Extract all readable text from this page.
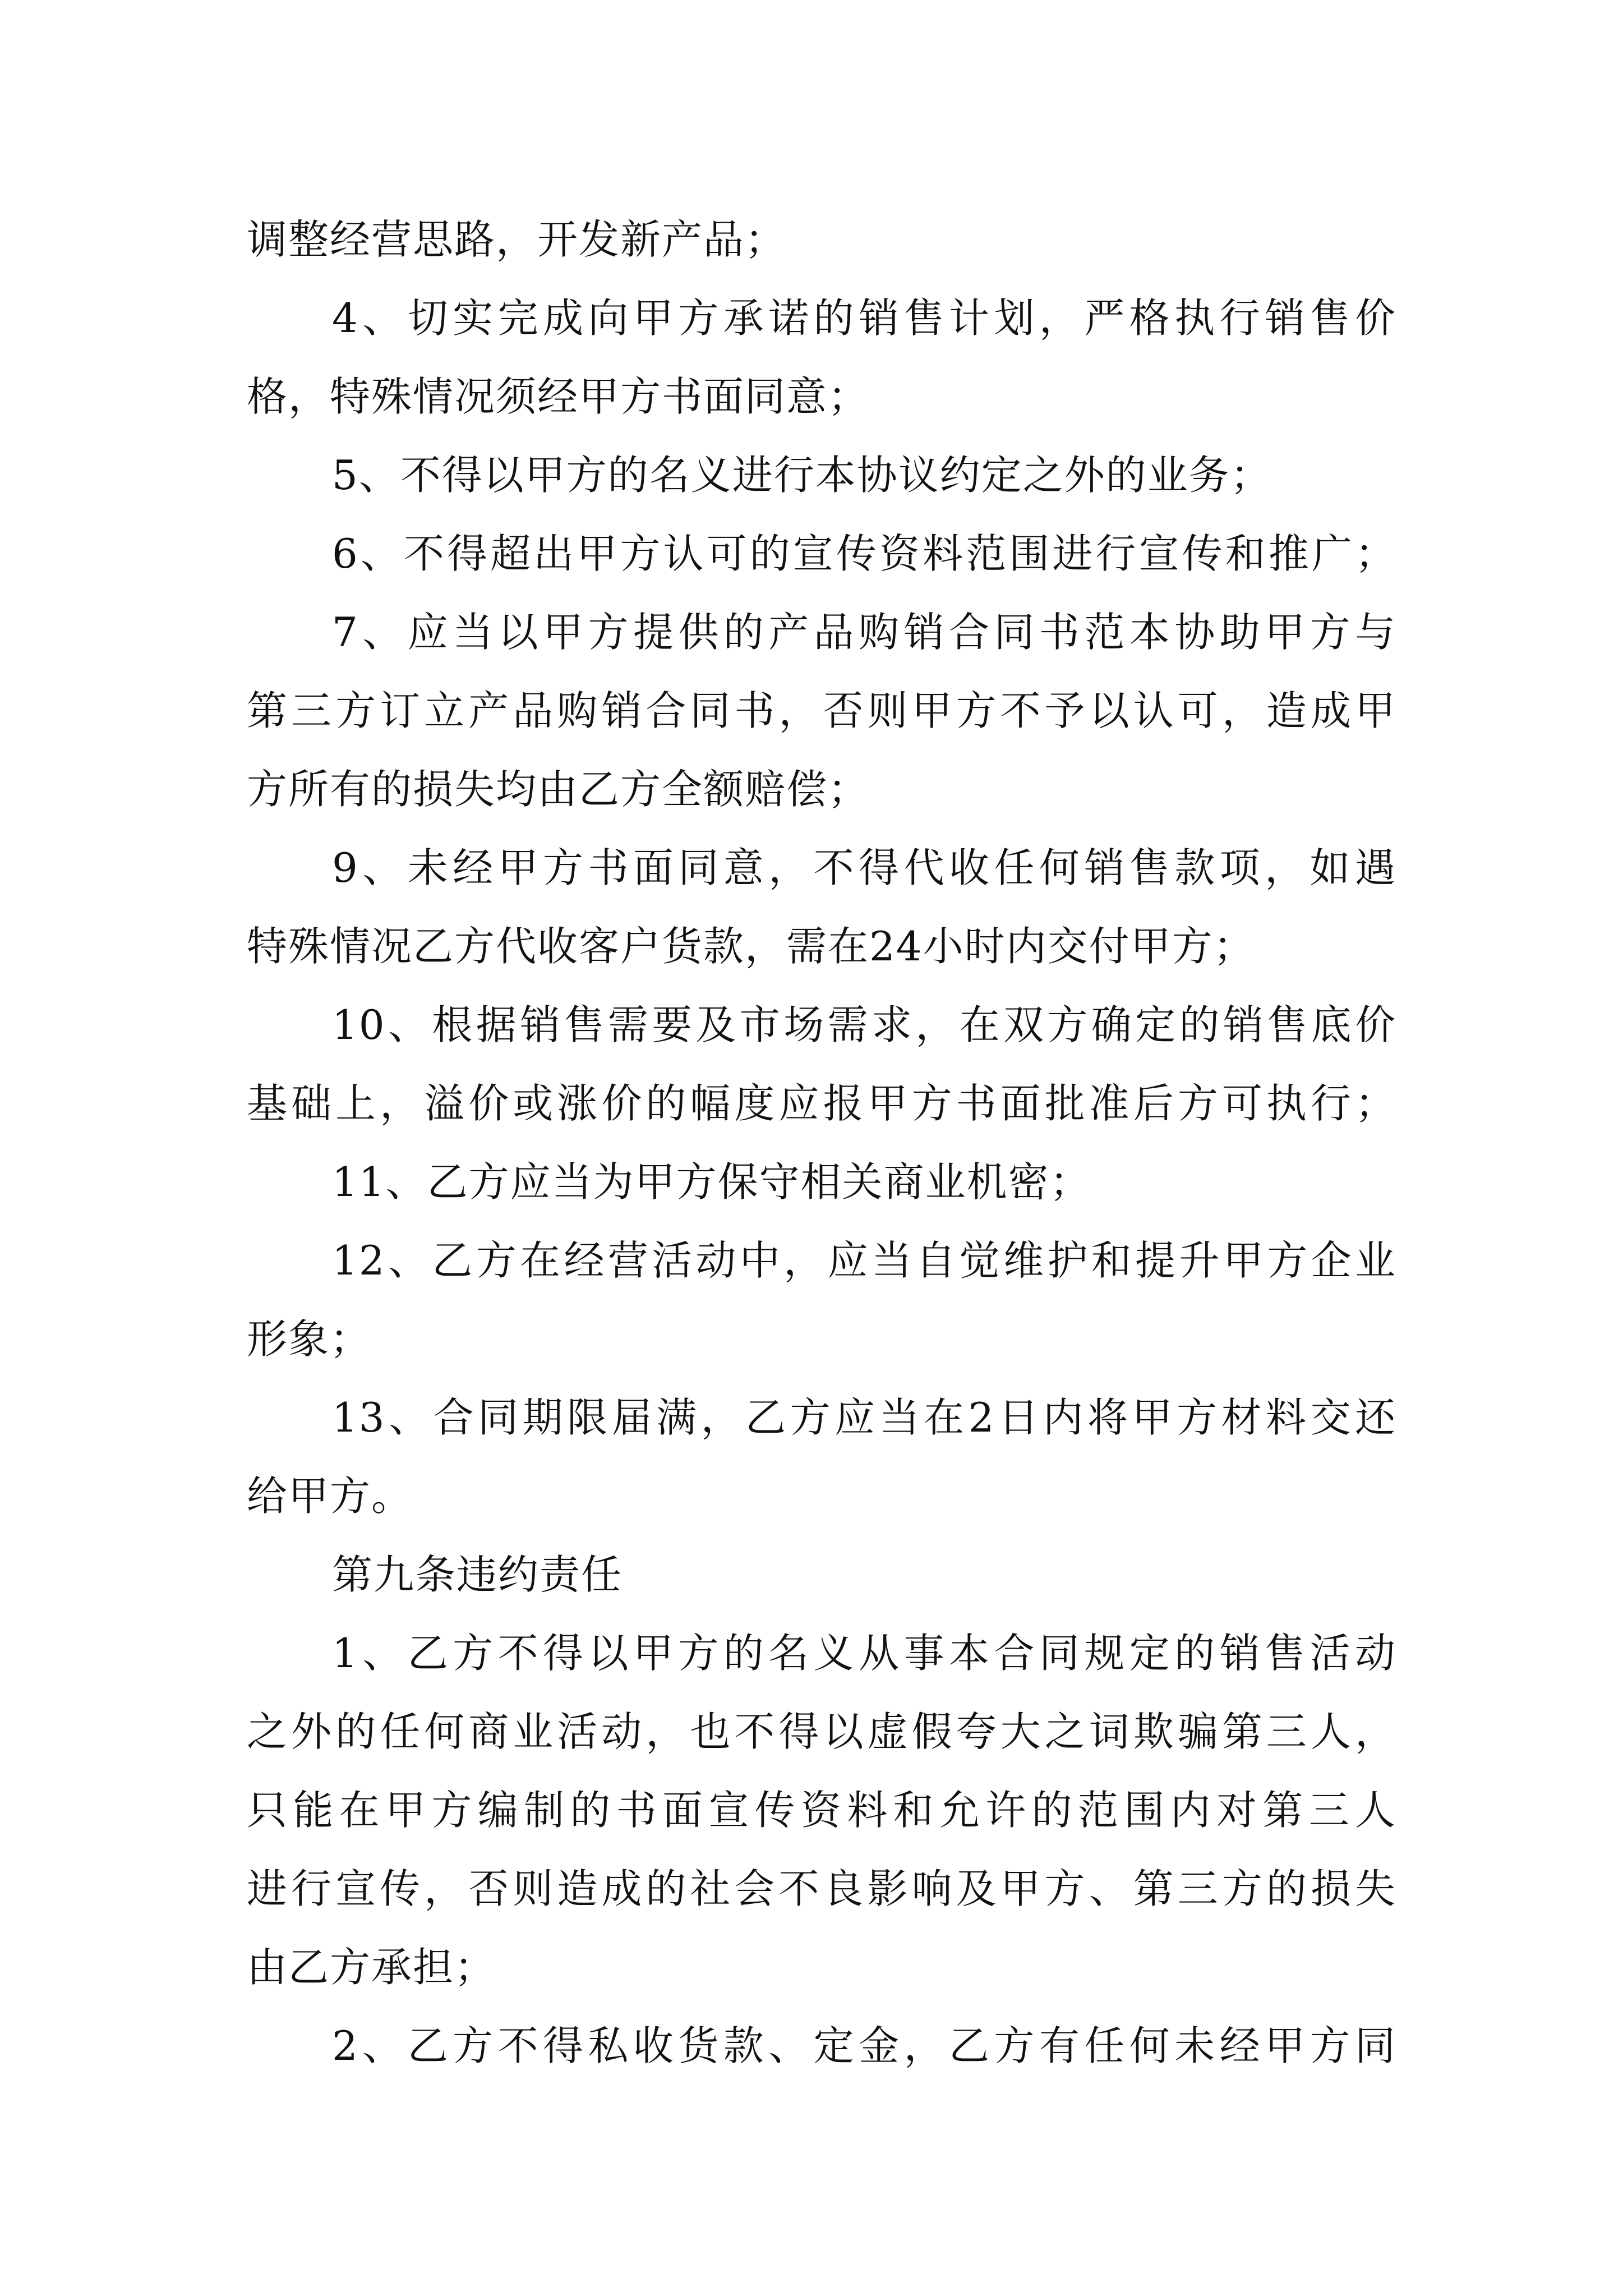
调整经营思路，开发新产品；
4、切实完成向甲方承诺的销售计划，严格执行销售价
格，特殊情况须经甲方书面同意；
5、不得以甲方的名义进行本协议约定之外的业务；
6、不得超出甲方认可的宣传资料范围进行宣传和推广；
7、应当以甲方提供的产品购销合同书范本协助甲方与
第三方订立产品购销合同书，否则甲方不予以认可，造成甲
方所有的损失均由乙方全额赔偿；
9、未经甲方书面同意，不得代收任何销售款项，如遇
特殊情况乙方代收客户货款，需在24小时内交付甲方；
10、根据销售需要及市场需求，在双方确定的销售底价
基础上，溢价或涨价的幅度应报甲方书面批准后方可执行；
11、乙方应当为甲方保守相关商业机密；
12、乙方在经营活动中，应当自觉维护和提升甲方企业
形象；
13、合同期限届满，乙方应当在2日内将甲方材料交还
给甲方。
第九条违约责任
1、乙方不得以甲方的名义从事本合同规定的销售活动
之外的任何商业活动，也不得以虚假夸大之词欺骗第三人，
只能在甲方编制的书面宣传资料和允许的范围内对第三人
进行宣传，否则造成的社会不良影响及甲方、第三方的损失
由乙方承担；
2、乙方不得私收货款、定金，乙方有任何未经甲方同
